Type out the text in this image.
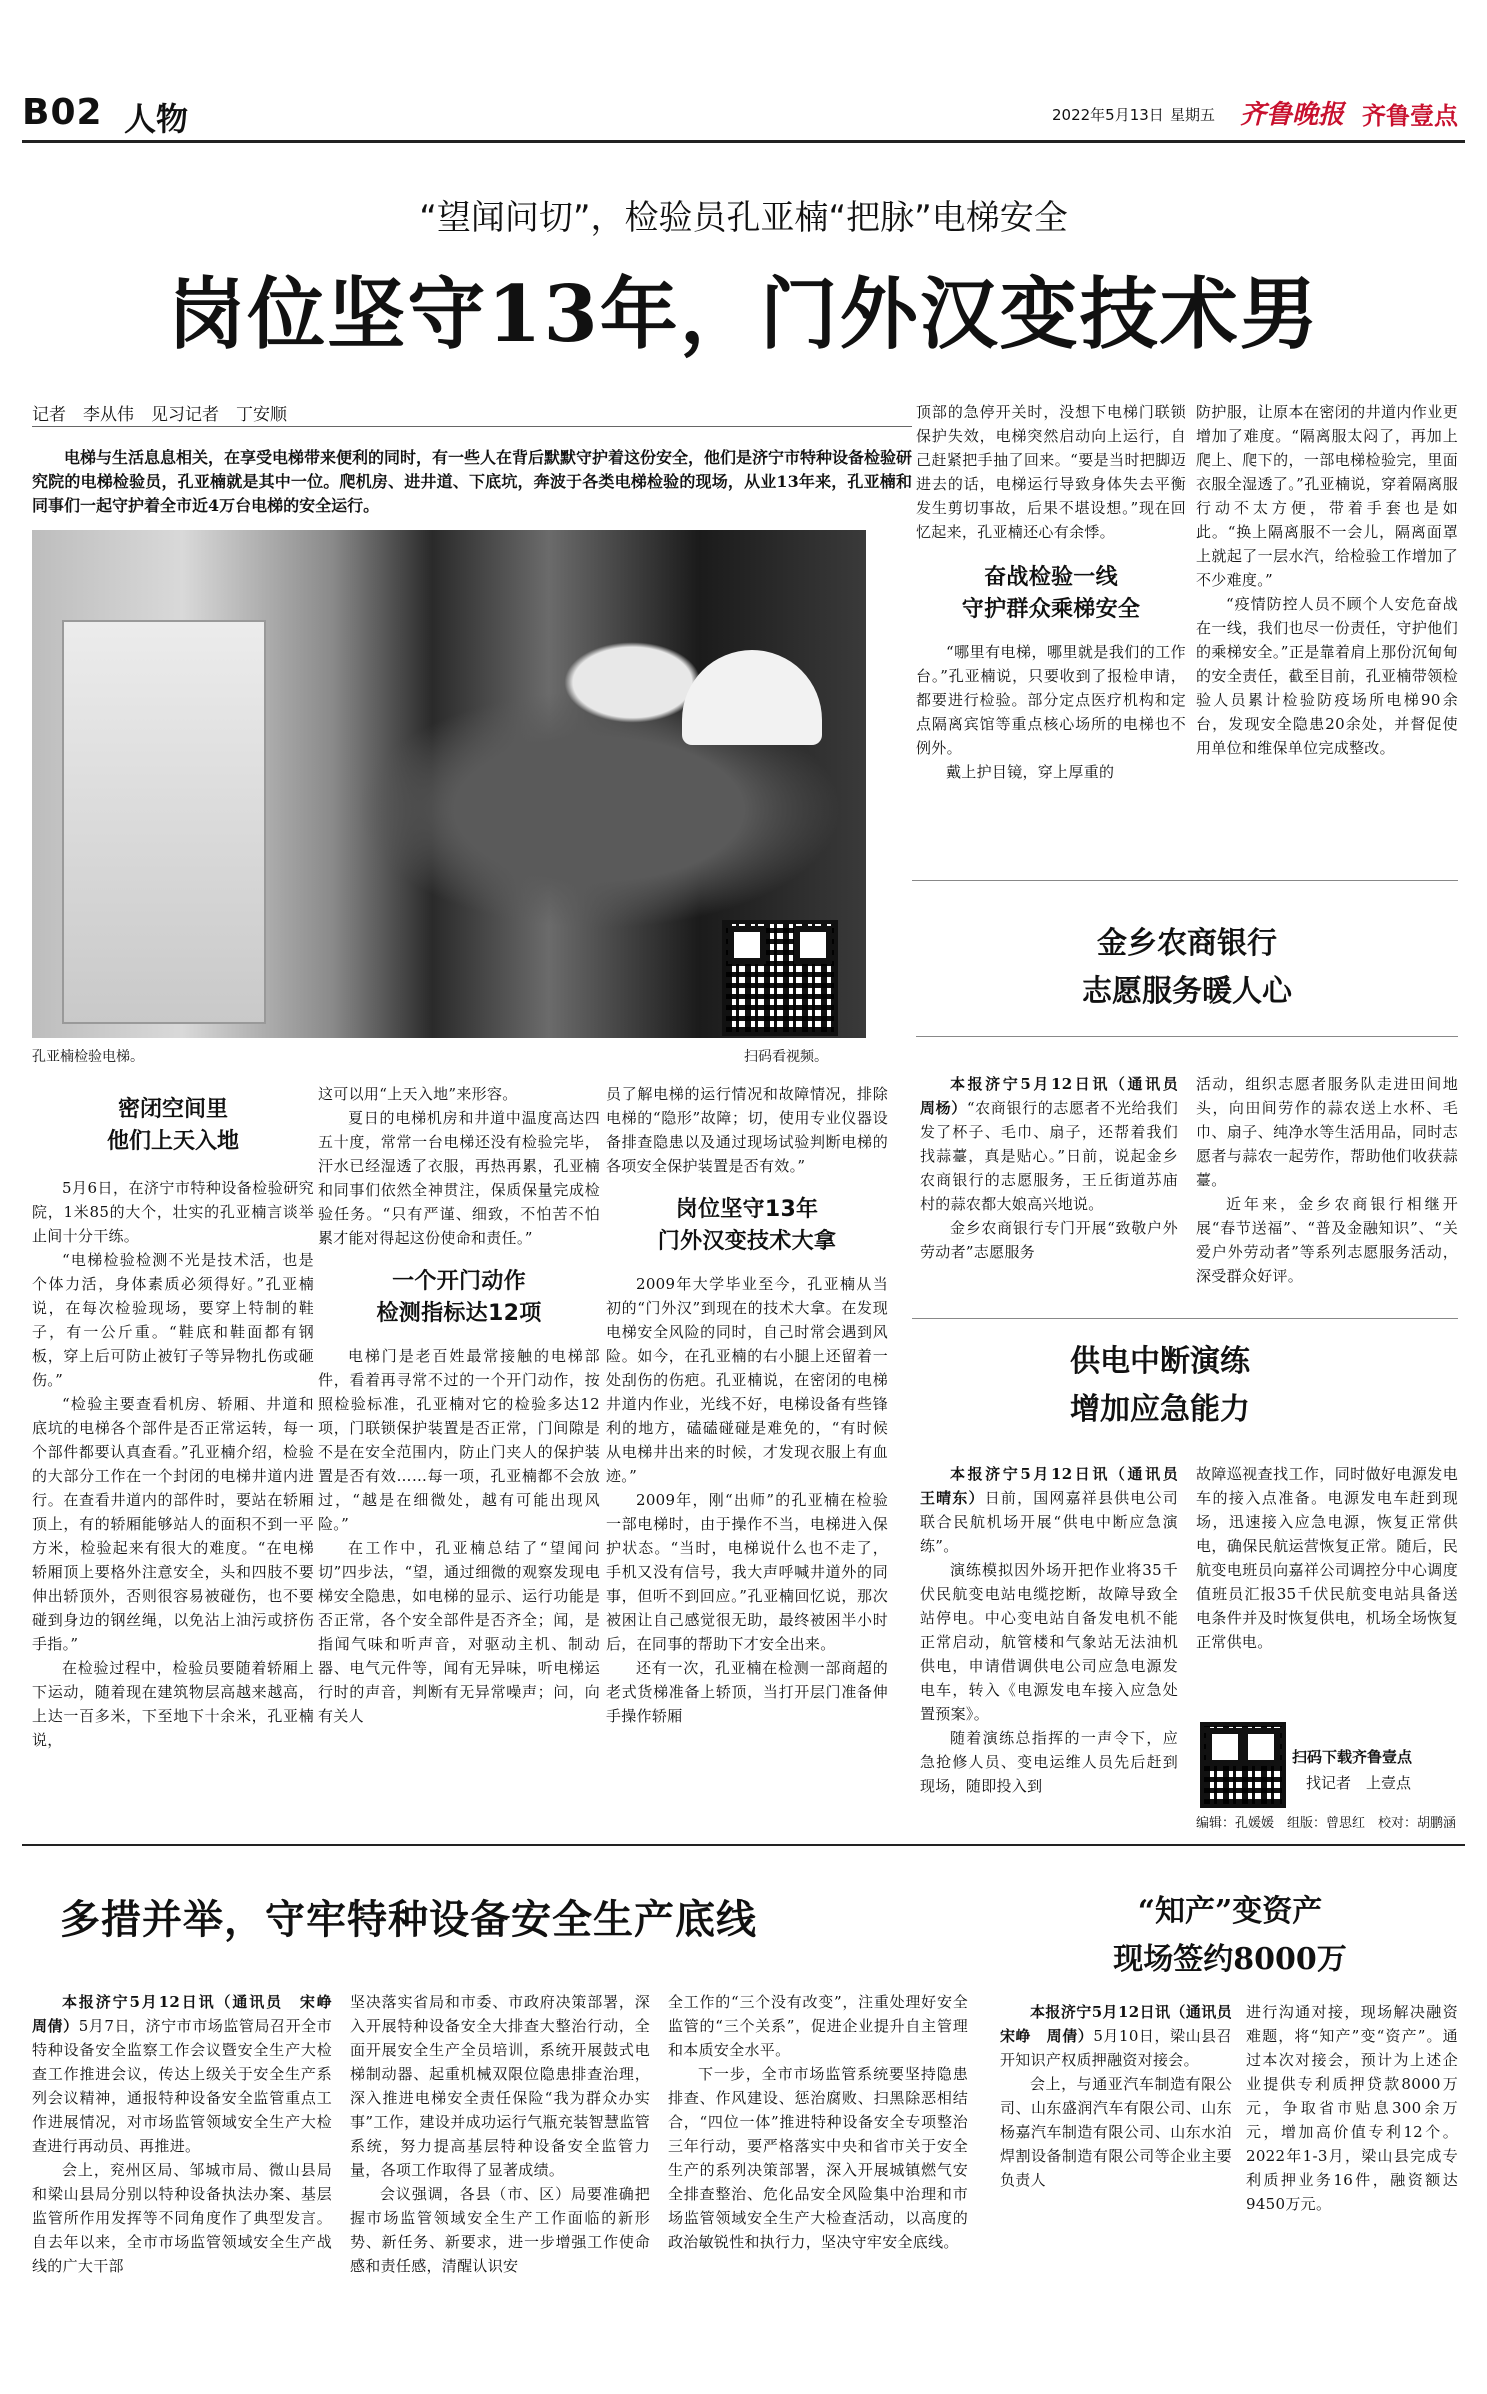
B02 人物	2022年5月13日 星期五 齐鲁晚报 齐鲁壹点
“望闻问切”，检验员孔亚楠“把脉”电梯安全
岗位坚守13年，门外汉变技术男
记者　李从伟　见习记者　丁安顺
电梯与生活息息相关，在享受电梯带来便利的同时，有一些人在背后默默守护着这份安全，他们是济宁市特种设备检验研究院的电梯检验员，孔亚楠就是其中一位。爬机房、进井道、下底坑，奔波于各类电梯检验的现场，从业13年来，孔亚楠和同事们一起守护着全市近4万台电梯的安全运行。
孔亚楠检验电梯。	扫码看视频。
密闭空间里
他们上天入地

5月6日，在济宁市特种设备检验研究院，1米85的大个，壮实的孔亚楠言谈举止间十分干练。

“电梯检验检测不光是技术活，也是个体力活，身体素质必须得好。”孔亚楠说，在每次检验现场，要穿上特制的鞋子，有一公斤重。“鞋底和鞋面都有钢板，穿上后可防止被钉子等异物扎伤或砸伤。”

“检验主要查看机房、轿厢、井道和底坑的电梯各个部件是否正常运转，每一个部件都要认真查看。”孔亚楠介绍，检验的大部分工作在一个封闭的电梯井道内进行。在查看井道内的部件时，要站在轿厢顶上，有的轿厢能够站人的面积不到一平方米，检验起来有很大的难度。“在电梯轿厢顶上要格外注意安全，头和四肢不要伸出轿顶外，否则很容易被碰伤，也不要碰到身边的钢丝绳，以免沾上油污或挤伤手指。”

在检验过程中，检验员要随着轿厢上下运动，随着现在建筑物层高越来越高，上达一百多米，下至地下十余米，孔亚楠说，

这可以用“上天入地”来形容。

夏日的电梯机房和井道中温度高达四五十度，常常一台电梯还没有检验完毕，汗水已经湿透了衣服，再热再累，孔亚楠和同事们依然全神贯注，保质保量完成检验任务。“只有严谨、细致，不怕苦不怕累才能对得起这份使命和责任。”

一个开门动作
检测指标达12项

电梯门是老百姓最常接触的电梯部件，看着再寻常不过的一个开门动作，按照检验标准，孔亚楠对它的检验多达12项，门联锁保护装置是否正常，门间隙是不是在安全范围内，防止门夹人的保护装置是否有效……每一项，孔亚楠都不会放过，“越是在细微处，越有可能出现风险。”

在工作中，孔亚楠总结了“望闻问切”四步法，“望，通过细微的观察发现电梯安全隐患，如电梯的显示、运行功能是否正常，各个安全部件是否齐全；闻，是指闻气味和听声音，对驱动主机、制动器、电气元件等，闻有无异味，听电梯运行时的声音，判断有无异常噪声；问，向有关人

员了解电梯的运行情况和故障情况，排除电梯的“隐形”故障；切，使用专业仪器设备排查隐患以及通过现场试验判断电梯的各项安全保护装置是否有效。”

岗位坚守13年
门外汉变技术大拿

2009年大学毕业至今，孔亚楠从当初的“门外汉”到现在的技术大拿。在发现电梯安全风险的同时，自己时常会遇到风险。如今，在孔亚楠的右小腿上还留着一处刮伤的伤疤。孔亚楠说，在密闭的电梯井道内作业，光线不好，电梯设备有些锋利的地方，磕磕碰碰是难免的，“有时候从电梯井出来的时候，才发现衣服上有血迹。”

2009年，刚“出师”的孔亚楠在检验一部电梯时，由于操作不当，电梯进入保护状态。“当时，电梯说什么也不走了，手机又没有信号，我大声呼喊井道外的同事，但听不到回应。”孔亚楠回忆说，那次被困让自己感觉很无助，最终被困半小时后，在同事的帮助下才安全出来。

还有一次，孔亚楠在检测一部商超的老式货梯准备上轿顶，当打开层门准备伸手操作轿厢

顶部的急停开关时，没想下电梯门联锁保护失效，电梯突然启动向上运行，自己赶紧把手抽了回来。“要是当时把脚迈进去的话，电梯运行导致身体失去平衡发生剪切事故，后果不堪设想。”现在回忆起来，孔亚楠还心有余悸。

奋战检验一线
守护群众乘梯安全

“哪里有电梯，哪里就是我们的工作台。”孔亚楠说，只要收到了报检申请，都要进行检验。部分定点医疗机构和定点隔离宾馆等重点核心场所的电梯也不例外。

戴上护目镜，穿上厚重的

防护服，让原本在密闭的井道内作业更增加了难度。“隔离服太闷了，再加上爬上、爬下的，一部电梯检验完，里面衣服全湿透了。”孔亚楠说，穿着隔离服行动不太方便，带着手套也是如此。“换上隔离服不一会儿，隔离面罩上就起了一层水汽，给检验工作增加了不少难度。”

“疫情防控人员不顾个人安危奋战在一线，我们也尽一份责任，守护他们的乘梯安全。”正是靠着肩上那份沉甸甸的安全责任，截至目前，孔亚楠带领检验人员累计检验防疫场所电梯90余台，发现安全隐患20余处，并督促使用单位和维保单位完成整改。

金乡农商银行
志愿服务暖人心

本报济宁5月12日讯（通讯员　周杨）“农商银行的志愿者不光给我们发了杯子、毛巾、扇子，还帮着我们找蒜薹，真是贴心。”日前，说起金乡农商银行的志愿服务，王丘街道苏庙村的蒜农都大娘高兴地说。

金乡农商银行专门开展“致敬户外劳动者”志愿服务

活动，组织志愿者服务队走进田间地头，向田间劳作的蒜农送上水杯、毛巾、扇子、纯净水等生活用品，同时志愿者与蒜农一起劳作，帮助他们收获蒜薹。

近年来，金乡农商银行相继开展“春节送福”、“普及金融知识”、“关爱户外劳动者”等系列志愿服务活动，深受群众好评。

供电中断演练
增加应急能力

本报济宁5月12日讯（通讯员　王晴东）日前，国网嘉祥县供电公司联合民航机场开展“供电中断应急演练”。

演练模拟因外场开把作业将35千伏民航变电站电缆挖断，故障导致全站停电。中心变电站自备发电机不能正常启动，航管楼和气象站无法油机供电，申请借调供电公司应急电源发电车，转入《电源发电车接入应急处置预案》。

随着演练总指挥的一声令下，应急抢修人员、变电运维人员先后赶到现场，随即投入到

故障巡视查找工作，同时做好电源发电车的接入点准备。电源发电车赶到现场，迅速接入应急电源，恢复正常供电，确保民航运营恢复正常。随后，民航变电班员向嘉祥公司调控分中心调度值班员汇报35千伏民航变电站具备送电条件并及时恢复供电，机场全场恢复正常供电。

扫码下载齐鲁壹点
找记者　上壹点
编辑：孔媛媛　组版：曾思红　校对：胡鹏涵
多措并举，守牢特种设备安全生产底线

本报济宁5月12日讯（通讯员　宋峥　周倩）5月7日，济宁市市场监管局召开全市特种设备安全监察工作会议暨安全生产大检查工作推进会议，传达上级关于安全生产系列会议精神，通报特种设备安全监管重点工作进展情况，对市场监管领域安全生产大检查进行再动员、再推进。

会上，兖州区局、邹城市局、微山县局和梁山县局分别以特种设备执法办案、基层监管所作用发挥等不同角度作了典型发言。自去年以来，全市市场监管领域安全生产战线的广大干部

坚决落实省局和市委、市政府决策部署，深入开展特种设备安全大排查大整治行动，全面开展安全生产全员培训，系统开展鼓式电梯制动器、起重机械双限位隐患排查治理，深入推进电梯安全责任保险“我为群众办实事”工作，建设并成功运行气瓶充装智慧监管系统，努力提高基层特种设备安全监管力量，各项工作取得了显著成绩。

会议强调，各县（市、区）局要准确把握市场监管领域安全生产工作面临的新形势、新任务、新要求，进一步增强工作使命感和责任感，清醒认识安

全工作的“三个没有改变”，注重处理好安全监管的“三个关系”，促进企业提升自主管理和本质安全水平。

下一步，全市市场监管系统要坚持隐患排查、作风建设、惩治腐败、扫黑除恶相结合，“四位一体”推进特种设备安全专项整治三年行动，要严格落实中央和省市关于安全生产的系列决策部署，深入开展城镇燃气安全排查整治、危化品安全风险集中治理和市场监管领域安全生产大检查活动，以高度的政治敏锐性和执行力，坚决守牢安全底线。

“知产”变资产
现场签约8000万

本报济宁5月12日讯（通讯员　宋峥　周倩）5月10日，梁山县召开知识产权质押融资对接会。

会上，与通亚汽车制造有限公司、山东盛润汽车有限公司、山东杨嘉汽车制造有限公司、山东水泊焊割设备制造有限公司等企业主要负责人

进行沟通对接，现场解决融资难题，将“知产”变“资产”。通过本次对接会，预计为上述企业提供专利质押贷款8000万元，争取省市贴息300余万元，增加高价值专利12个。2022年1-3月，梁山县完成专利质押业务16件，融资额达9450万元。
